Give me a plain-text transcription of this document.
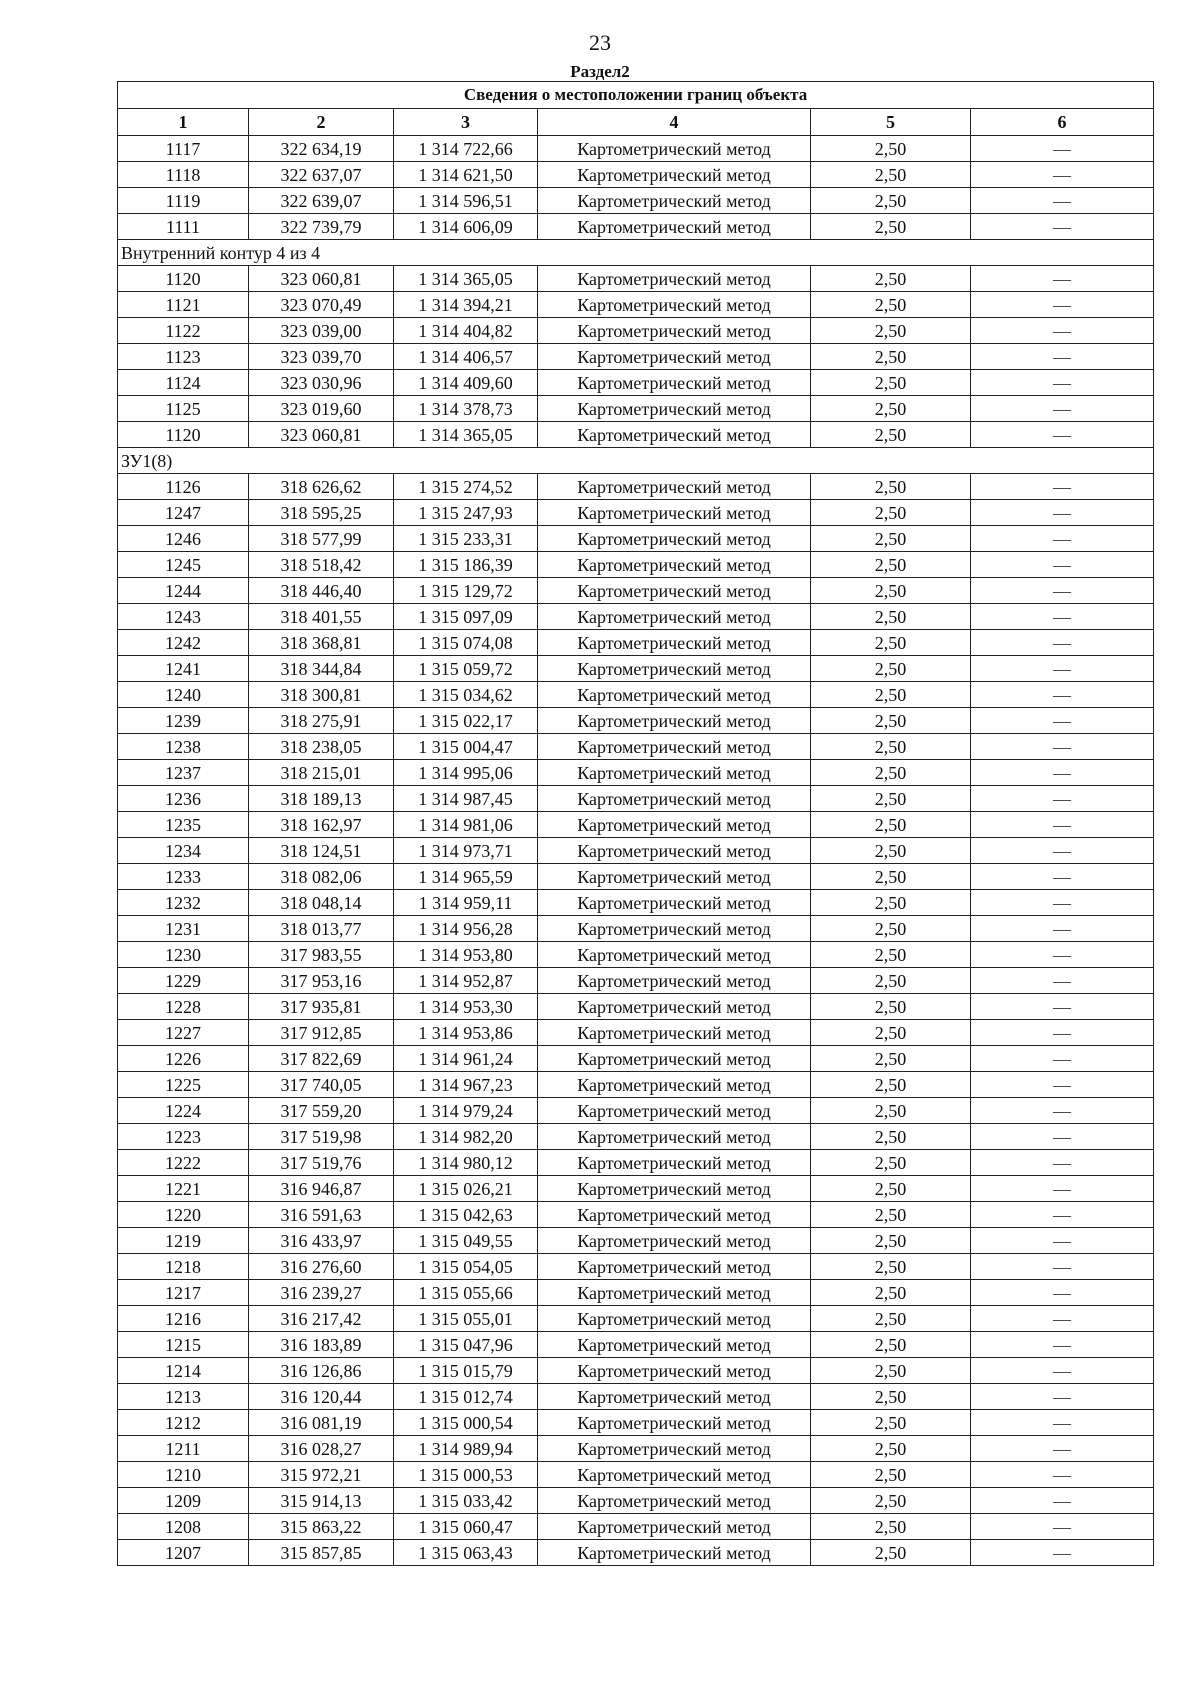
23
Раздел2
Сведения о местоположении границ объекта					
1	2	3	4	5	6
1117	322 634,19	1 314 722,66	Картометрический метод	2,50	—
1118	322 637,07	1 314 621,50	Картометрический метод	2,50	—
1119	322 639,07	1 314 596,51	Картометрический метод	2,50	—
1111	322 739,79	1 314 606,09	Картометрический метод	2,50	—
Внутренний контур 4 из 4					
1120	323 060,81	1 314 365,05	Картометрический метод	2,50	—
1121	323 070,49	1 314 394,21	Картометрический метод	2,50	—
1122	323 039,00	1 314 404,82	Картометрический метод	2,50	—
1123	323 039,70	1 314 406,57	Картометрический метод	2,50	—
1124	323 030,96	1 314 409,60	Картометрический метод	2,50	—
1125	323 019,60	1 314 378,73	Картометрический метод	2,50	—
1120	323 060,81	1 314 365,05	Картометрический метод	2,50	—
ЗУ1(8)					
1126	318 626,62	1 315 274,52	Картометрический метод	2,50	—
1247	318 595,25	1 315 247,93	Картометрический метод	2,50	—
1246	318 577,99	1 315 233,31	Картометрический метод	2,50	—
1245	318 518,42	1 315 186,39	Картометрический метод	2,50	—
1244	318 446,40	1 315 129,72	Картометрический метод	2,50	—
1243	318 401,55	1 315 097,09	Картометрический метод	2,50	—
1242	318 368,81	1 315 074,08	Картометрический метод	2,50	—
1241	318 344,84	1 315 059,72	Картометрический метод	2,50	—
1240	318 300,81	1 315 034,62	Картометрический метод	2,50	—
1239	318 275,91	1 315 022,17	Картометрический метод	2,50	—
1238	318 238,05	1 315 004,47	Картометрический метод	2,50	—
1237	318 215,01	1 314 995,06	Картометрический метод	2,50	—
1236	318 189,13	1 314 987,45	Картометрический метод	2,50	—
1235	318 162,97	1 314 981,06	Картометрический метод	2,50	—
1234	318 124,51	1 314 973,71	Картометрический метод	2,50	—
1233	318 082,06	1 314 965,59	Картометрический метод	2,50	—
1232	318 048,14	1 314 959,11	Картометрический метод	2,50	—
1231	318 013,77	1 314 956,28	Картометрический метод	2,50	—
1230	317 983,55	1 314 953,80	Картометрический метод	2,50	—
1229	317 953,16	1 314 952,87	Картометрический метод	2,50	—
1228	317 935,81	1 314 953,30	Картометрический метод	2,50	—
1227	317 912,85	1 314 953,86	Картометрический метод	2,50	—
1226	317 822,69	1 314 961,24	Картометрический метод	2,50	—
1225	317 740,05	1 314 967,23	Картометрический метод	2,50	—
1224	317 559,20	1 314 979,24	Картометрический метод	2,50	—
1223	317 519,98	1 314 982,20	Картометрический метод	2,50	—
1222	317 519,76	1 314 980,12	Картометрический метод	2,50	—
1221	316 946,87	1 315 026,21	Картометрический метод	2,50	—
1220	316 591,63	1 315 042,63	Картометрический метод	2,50	—
1219	316 433,97	1 315 049,55	Картометрический метод	2,50	—
1218	316 276,60	1 315 054,05	Картометрический метод	2,50	—
1217	316 239,27	1 315 055,66	Картометрический метод	2,50	—
1216	316 217,42	1 315 055,01	Картометрический метод	2,50	—
1215	316 183,89	1 315 047,96	Картометрический метод	2,50	—
1214	316 126,86	1 315 015,79	Картометрический метод	2,50	—
1213	316 120,44	1 315 012,74	Картометрический метод	2,50	—
1212	316 081,19	1 315 000,54	Картометрический метод	2,50	—
1211	316 028,27	1 314 989,94	Картометрический метод	2,50	—
1210	315 972,21	1 315 000,53	Картометрический метод	2,50	—
1209	315 914,13	1 315 033,42	Картометрический метод	2,50	—
1208	315 863,22	1 315 060,47	Картометрический метод	2,50	—
1207	315 857,85	1 315 063,43	Картометрический метод	2,50	—
